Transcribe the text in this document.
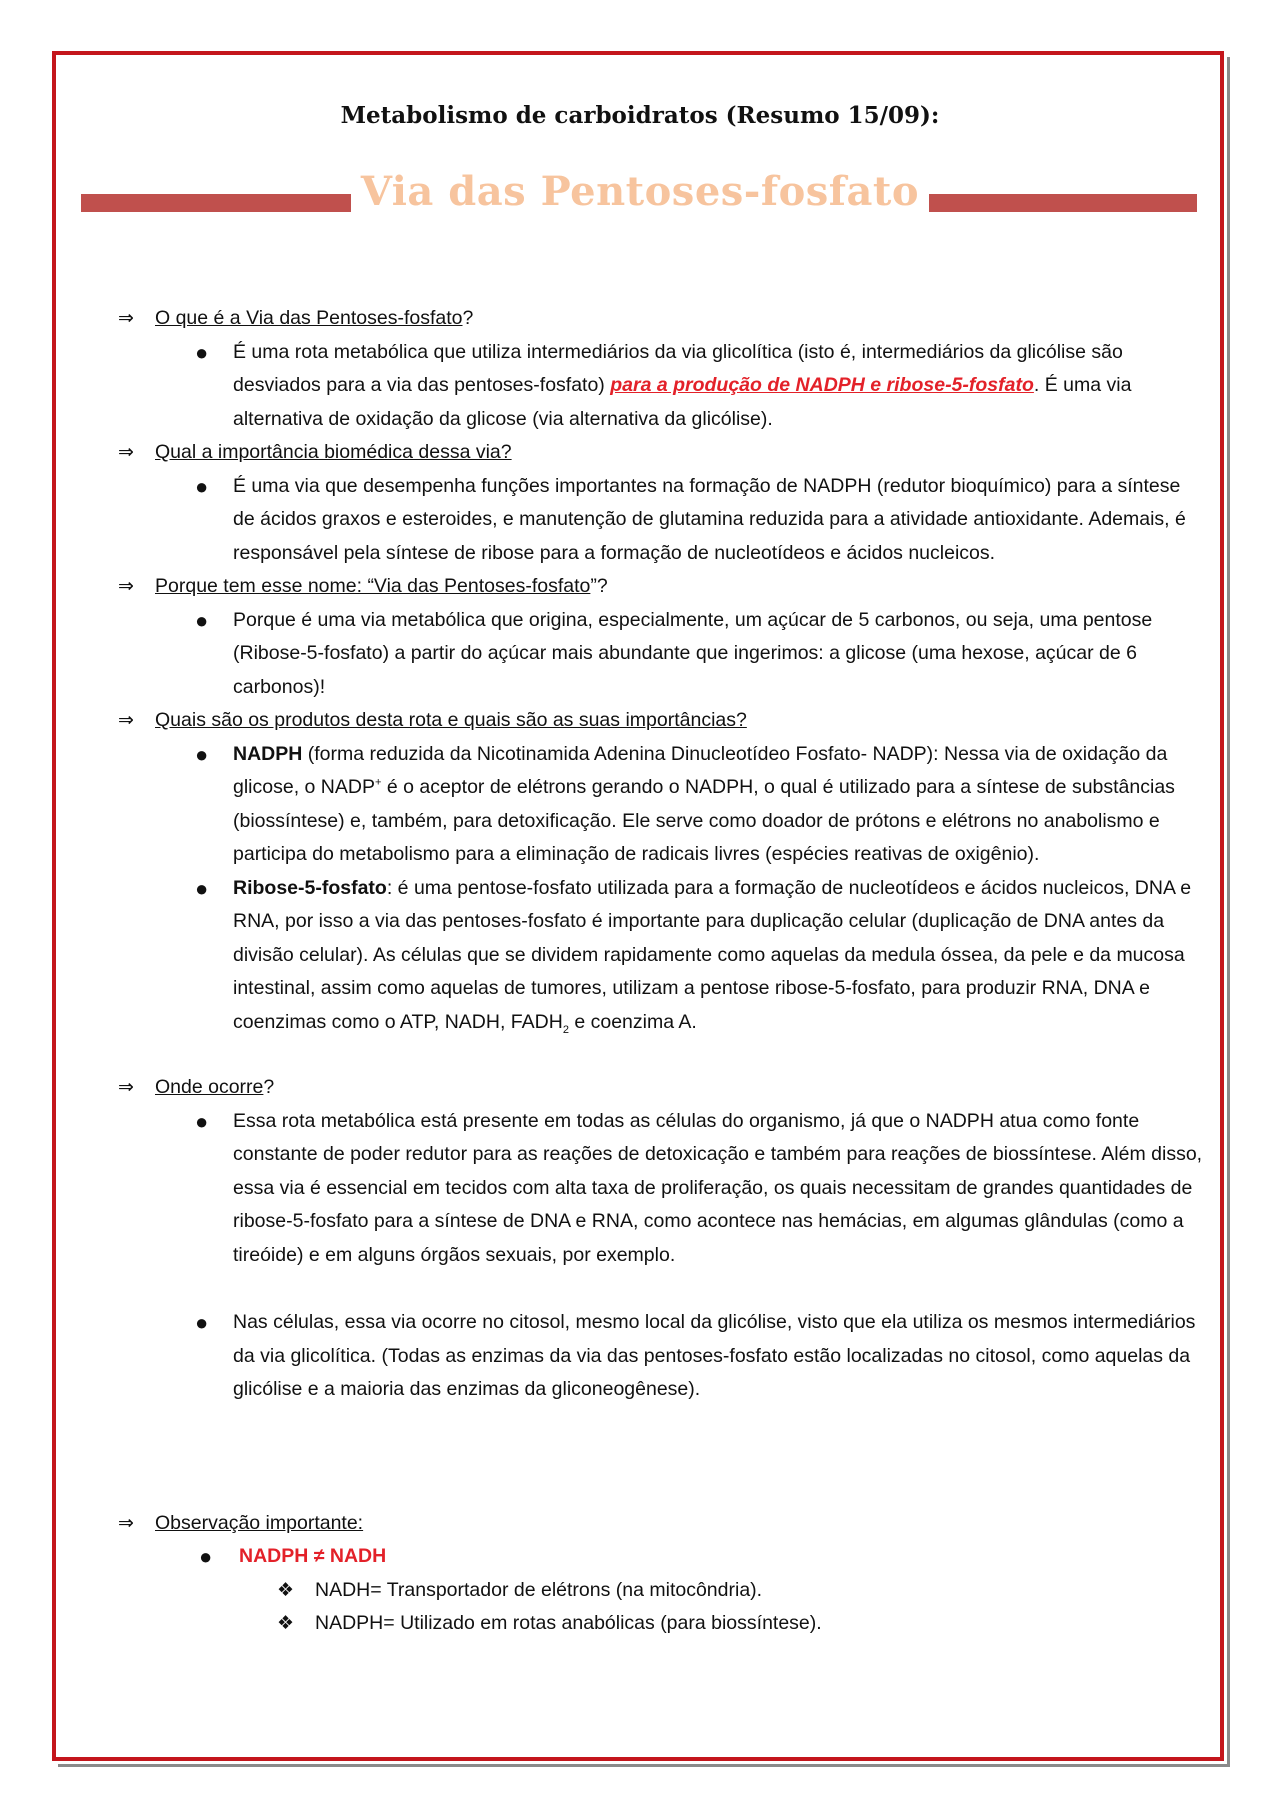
Metabolismo de carboidratos (Resumo 15/09):
Via das Pentoses-fosfato
⇒ O que é a Via das Pentoses-fosfato?
● É uma rota metabólica que utiliza intermediários da via glicolítica (isto é, intermediários da glicólise são desviados para a via das pentoses-fosfato) para a produção de NADPH e ribose-5-fosfato. É uma via alternativa de oxidação da glicose (via alternativa da glicólise).
⇒ Qual a importância biomédica dessa via?
● É uma via que desempenha funções importantes na formação de NADPH (redutor bioquímico) para a síntese de ácidos graxos e esteroides, e manutenção de glutamina reduzida para a atividade antioxidante. Ademais, é responsável pela síntese de ribose para a formação de nucleotídeos e ácidos nucleicos.
⇒ Porque tem esse nome: “Via das Pentoses-fosfato”?
● Porque é uma via metabólica que origina, especialmente, um açúcar de 5 carbonos, ou seja, uma pentose (Ribose-5-fosfato) a partir do açúcar mais abundante que ingerimos: a glicose (uma hexose, açúcar de 6 carbonos)!
⇒ Quais são os produtos desta rota e quais são as suas importâncias?
● NADPH (forma reduzida da Nicotinamida Adenina Dinucleotídeo Fosfato- NADP): Nessa via de oxidação da glicose, o NADP+ é o aceptor de elétrons gerando o NADPH, o qual é utilizado para a síntese de substâncias (biossíntese) e, também, para detoxificação. Ele serve como doador de prótons e elétrons no anabolismo e participa do metabolismo para a eliminação de radicais livres (espécies reativas de oxigênio).
● Ribose-5-fosfato: é uma pentose-fosfato utilizada para a formação de nucleotídeos e ácidos nucleicos, DNA e RNA, por isso a via das pentoses-fosfato é importante para duplicação celular (duplicação de DNA antes da divisão celular). As células que se dividem rapidamente como aquelas da medula óssea, da pele e da mucosa intestinal, assim como aquelas de tumores, utilizam a pentose ribose-5-fosfato, para produzir RNA, DNA e coenzimas como o ATP, NADH, $FADH_2$ e coenzima A.
⇒ Onde ocorre?
● Essa rota metabólica está presente em todas as células do organismo, já que o NADPH atua como fonte constante de poder redutor para as reações de detoxicação e também para reações de biossíntese. Além disso, essa via é essencial em tecidos com alta taxa de proliferação, os quais necessitam de grandes quantidades de ribose-5-fosfato para a síntese de DNA e RNA, como acontece nas hemácias, em algumas glândulas (como a tireóide) e em alguns órgãos sexuais, por exemplo.
● Nas células, essa via ocorre no citosol, mesmo local da glicólise, visto que ela utiliza os mesmos intermediários da via glicolítica. (Todas as enzimas da via das pentoses-fosfato estão localizadas no citosol, como aquelas da glicólise e a maioria das enzimas da gliconeogênese).
⇒ Observação importante:
● NADPH ≠ NADH
❖ NADH= Transportador de elétrons (na mitocôndria).
❖ NADPH= Utilizado em rotas anabólicas (para biossíntese).
